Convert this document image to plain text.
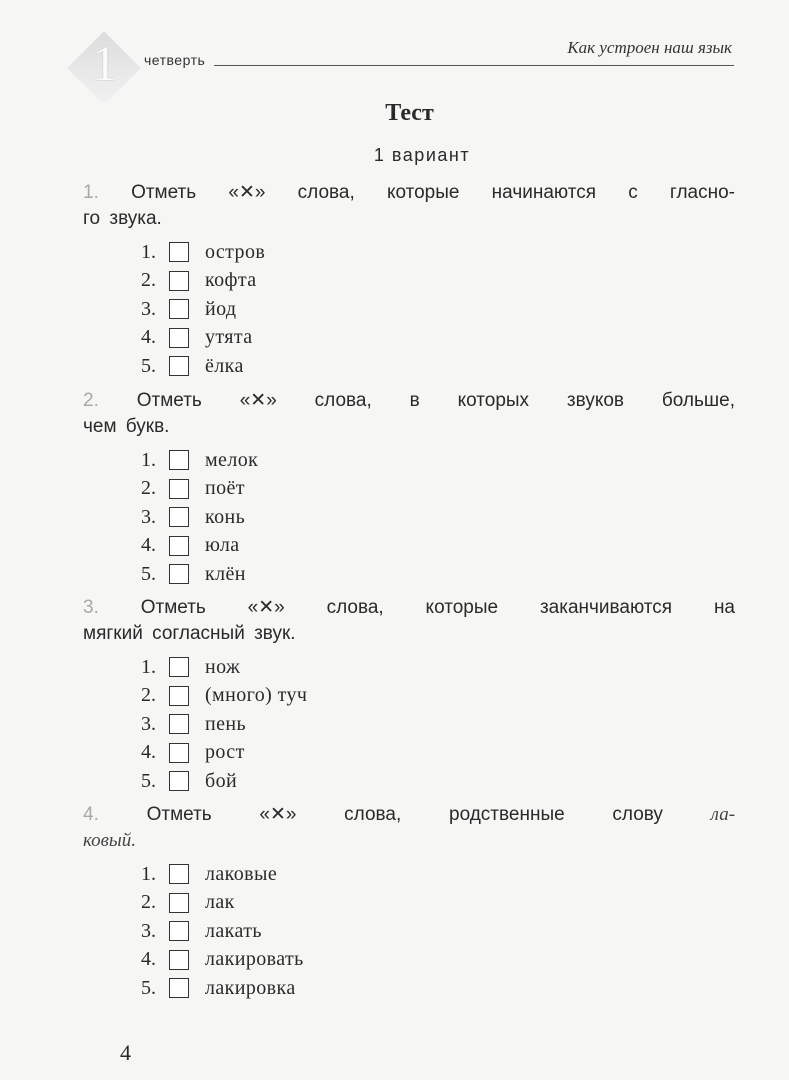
1 четверть
Как устроен наш язык
Тест
1 вариант

1. Отметь «✕» слова, которые начинаются с гласно-

го звука.

1.	остров
2.	кофта
3.	йод
4.	утята
5.	ёлка

2. Отметь «✕» слова, в которых звуков больше,

чем букв.

1.	мелок
2.	поёт
3.	конь
4.	юла
5.	клён

3. Отметь «✕» слова, которые заканчиваются на

мягкий согласный звук.

1.	нож
2.	(много) туч
3.	пень
4.	рост
5.	бой

4.	Отметь «✕» слова, родственные слову	ла-

ковый.

1.	лаковые
2.	лак
3.	лакать
4.	лакировать
5.	лакировка
4
